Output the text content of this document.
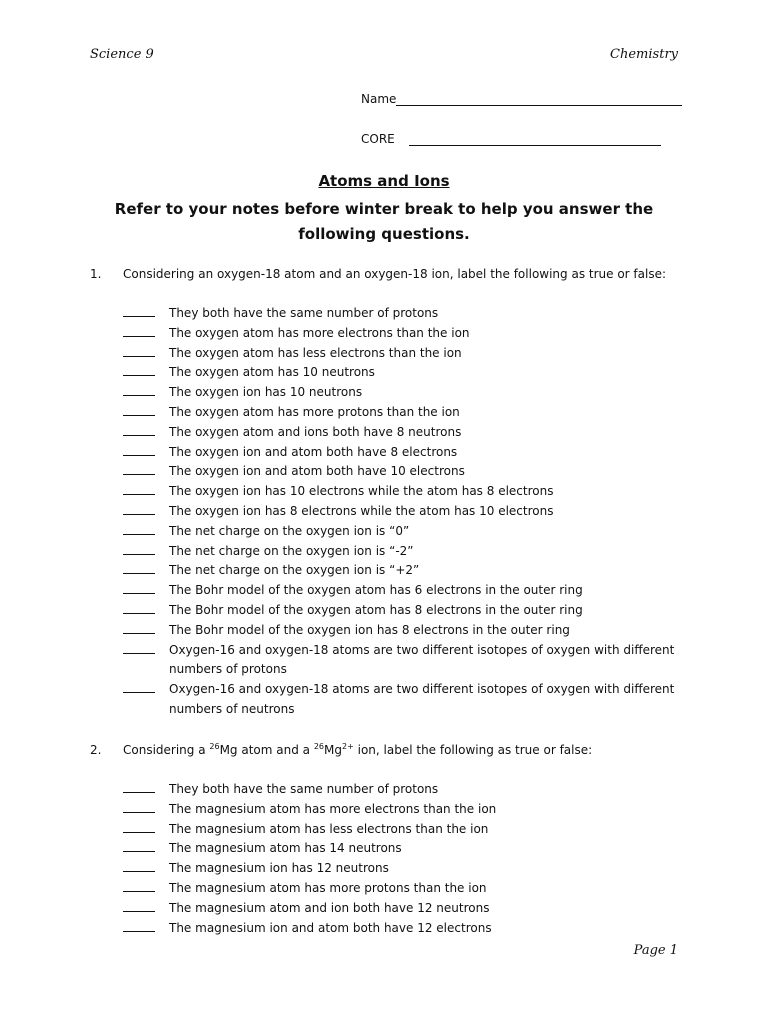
Science 9	Chemistry
Name
CORE
Atoms and Ions
Refer to your notes before winter break to help you answer the following questions.
1.	Considering an oxygen-18 atom and an oxygen-18 ion, label the following as true or false:
They both have the same number of protons
The oxygen atom has more electrons than the ion
The oxygen atom has less electrons than the ion
The oxygen atom has 10 neutrons
The oxygen ion has 10 neutrons
The oxygen atom has more protons than the ion
The oxygen atom and ions both have 8 neutrons
The oxygen ion and atom both have 8 electrons
The oxygen ion and atom both have 10 electrons
The oxygen ion has 10 electrons while the atom has 8 electrons
The oxygen ion has 8 electrons while the atom has 10 electrons
The net charge on the oxygen ion is “0”
The net charge on the oxygen ion is “-2”
The net charge on the oxygen ion is “+2”
The Bohr model of the oxygen atom has 6 electrons in the outer ring
The Bohr model of the oxygen atom has 8 electrons in the outer ring
The Bohr model of the oxygen ion has 8 electrons in the outer ring
Oxygen-16 and oxygen-18 atoms are two different isotopes of oxygen with different numbers of protons
Oxygen-16 and oxygen-18 atoms are two different isotopes of oxygen with different numbers of neutrons
2.	Considering a $^{26}$Mg atom and a $^{26}Mg^{2+}$ ion, label the following as true or false:
They both have the same number of protons
The magnesium atom has more electrons than the ion
The magnesium atom has less electrons than the ion
The magnesium atom has 14 neutrons
The magnesium ion has 12 neutrons
The magnesium atom has more protons than the ion
The magnesium atom and ion both have 12 neutrons
The magnesium ion and atom both have 12 electrons
Page 1
